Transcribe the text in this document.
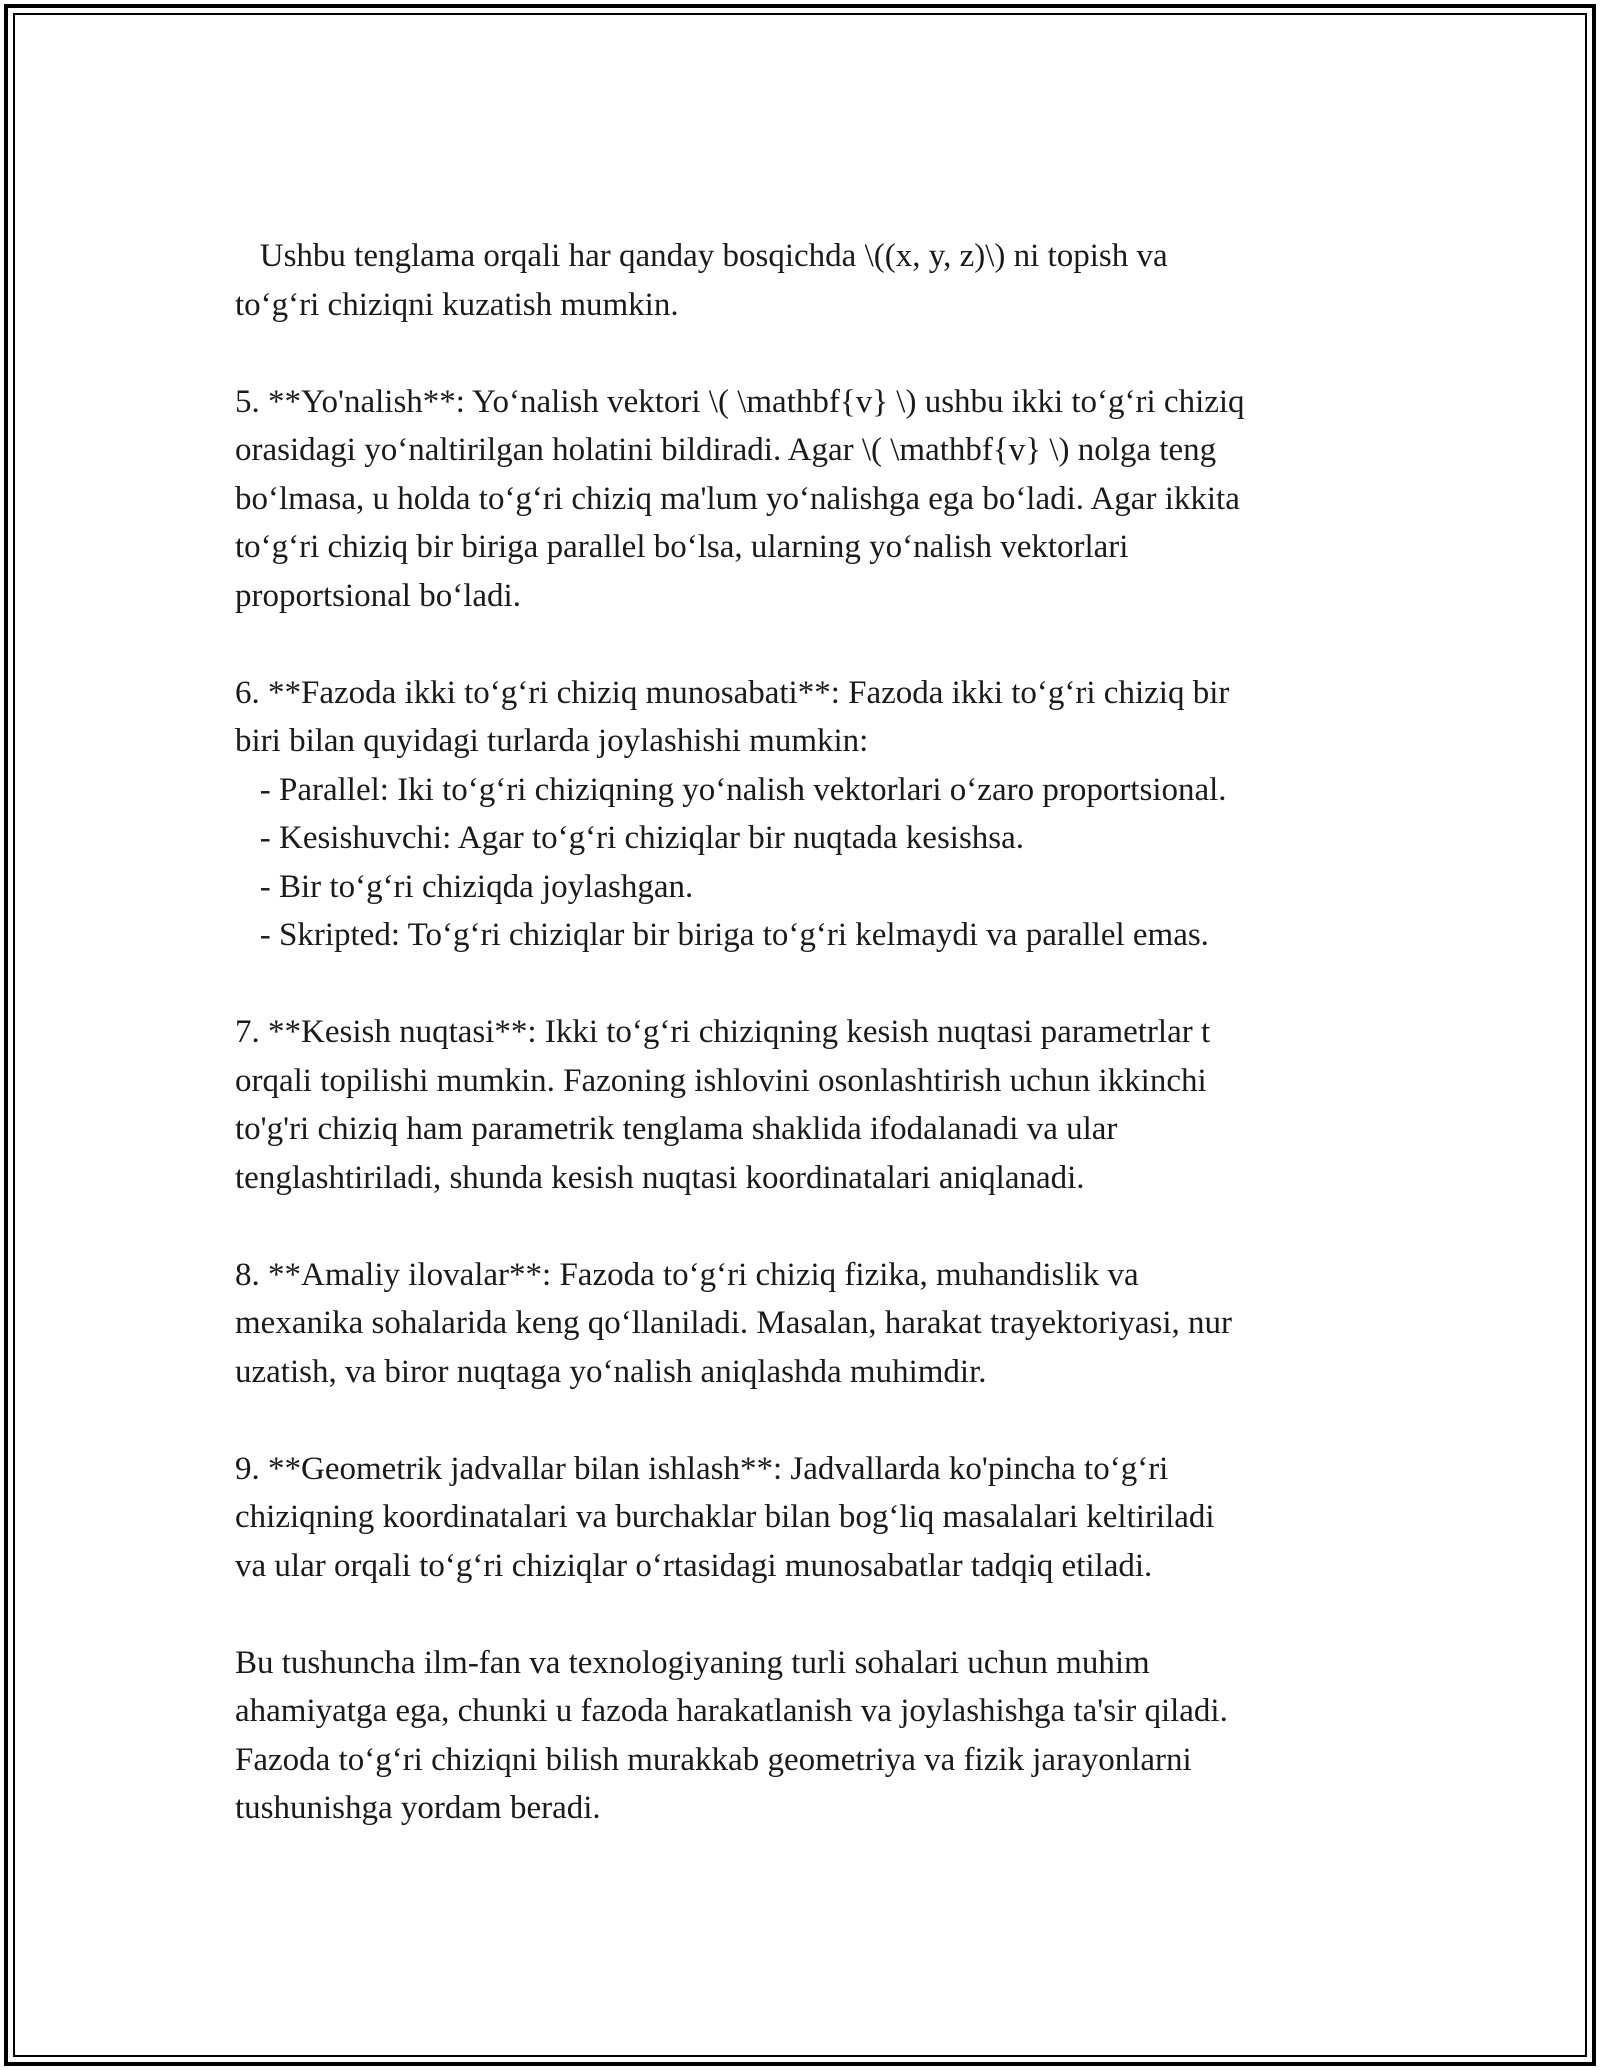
Ushbu tenglama orqali har qanday bosqichda \((x, y, z)\) ni topish va

to‘g‘ri chiziqni kuzatish mumkin.

5. **Yo'nalish**: Yo‘nalish vektori \( \mathbf{v} \) ushbu ikki to‘g‘ri chiziq

orasidagi yo‘naltirilgan holatini bildiradi. Agar \( \mathbf{v} \) nolga teng

bo‘lmasa, u holda to‘g‘ri chiziq ma'lum yo‘nalishga ega bo‘ladi. Agar ikkita

to‘g‘ri chiziq bir biriga parallel bo‘lsa, ularning yo‘nalish vektorlari

proportsional bo‘ladi.

6. **Fazoda ikki to‘g‘ri chiziq munosabati**: Fazoda ikki to‘g‘ri chiziq bir

biri bilan quyidagi turlarda joylashishi mumkin:

- Parallel: Iki to‘g‘ri chiziqning yo‘nalish vektorlari o‘zaro proportsional.

- Kesishuvchi: Agar to‘g‘ri chiziqlar bir nuqtada kesishsa.

- Bir to‘g‘ri chiziqda joylashgan.

- Skripted: To‘g‘ri chiziqlar bir biriga to‘g‘ri kelmaydi va parallel emas.

7. **Kesish nuqtasi**: Ikki to‘g‘ri chiziqning kesish nuqtasi parametrlar t

orqali topilishi mumkin. Fazoning ishlovini osonlashtirish uchun ikkinchi

to'g'ri chiziq ham parametrik tenglama shaklida ifodalanadi va ular

tenglashtiriladi, shunda kesish nuqtasi koordinatalari aniqlanadi.

8. **Amaliy ilovalar**: Fazoda to‘g‘ri chiziq fizika, muhandislik va

mexanika sohalarida keng qo‘llaniladi. Masalan, harakat trayektoriyasi, nur

uzatish, va biror nuqtaga yo‘nalish aniqlashda muhimdir.

9. **Geometrik jadvallar bilan ishlash**: Jadvallarda ko'pincha to‘g‘ri

chiziqning koordinatalari va burchaklar bilan bog‘liq masalalari keltiriladi

va ular orqali to‘g‘ri chiziqlar o‘rtasidagi munosabatlar tadqiq etiladi.

Bu tushuncha ilm-fan va texnologiyaning turli sohalari uchun muhim

ahamiyatga ega, chunki u fazoda harakatlanish va joylashishga ta'sir qiladi.

Fazoda to‘g‘ri chiziqni bilish murakkab geometriya va fizik jarayonlarni

tushunishga yordam beradi.
